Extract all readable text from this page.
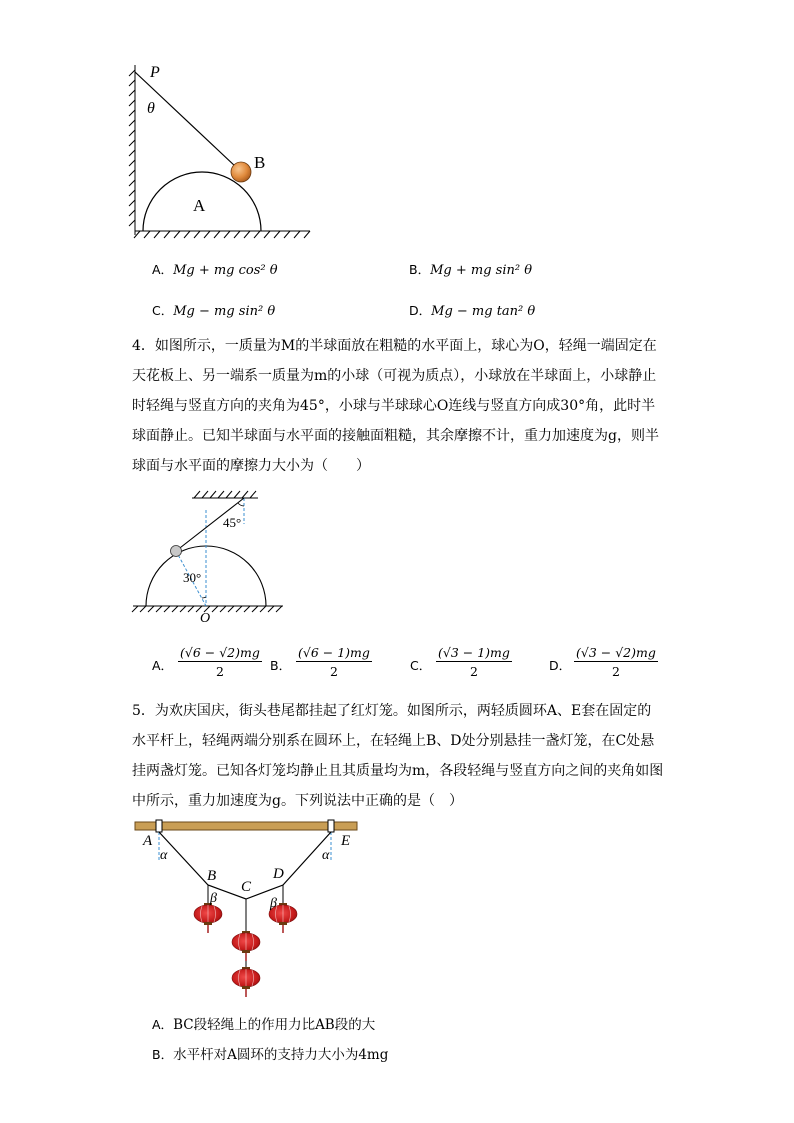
P
θ
B
A
A．Mg + mg cos² θ	B．Mg + mg sin² θ
C．Mg − mg sin² θ	D．Mg − mg tan² θ
4．如图所示，一质量为M的半球面放在粗糙的水平面上，球心为O，轻绳一端固定在
天花板上、另一端系一质量为m的小球（可视为质点），小球放在半球面上，小球静止
时轻绳与竖直方向的夹角为45°，小球与半球球心O连线与竖直方向成30°角，此时半
球面静止。已知半球面与水平面的接触面粗糙，其余摩擦不计，重力加速度为g，则半
球面与水平面的摩擦力大小为（　　）
45°
30°
O
A． $\frac{(√6 - √2)mg}{2}$ B． $\frac{(√6 - 1)mg}{2}$	C． $\frac{(√3 - 1)mg}{2}$	D． $\frac{(√3 - √2)mg}{2}$
5．为欢庆国庆，街头巷尾都挂起了红灯笼。如图所示，两轻质圆环A、E套在固定的
水平杆上，轻绳两端分别系在圆环上，在轻绳上B、D处分别悬挂一盏灯笼，在C处悬
挂两盏灯笼。已知各灯笼均静止且其质量均为m，各段轻绳与竖直方向之间的夹角如图
中所示，重力加速度为g。下列说法中正确的是（　）
A	E
α	α
B
C
D
β	β
A．BC段轻绳上的作用力比AB段的大
B．水平杆对A圆环的支持力大小为4mg
